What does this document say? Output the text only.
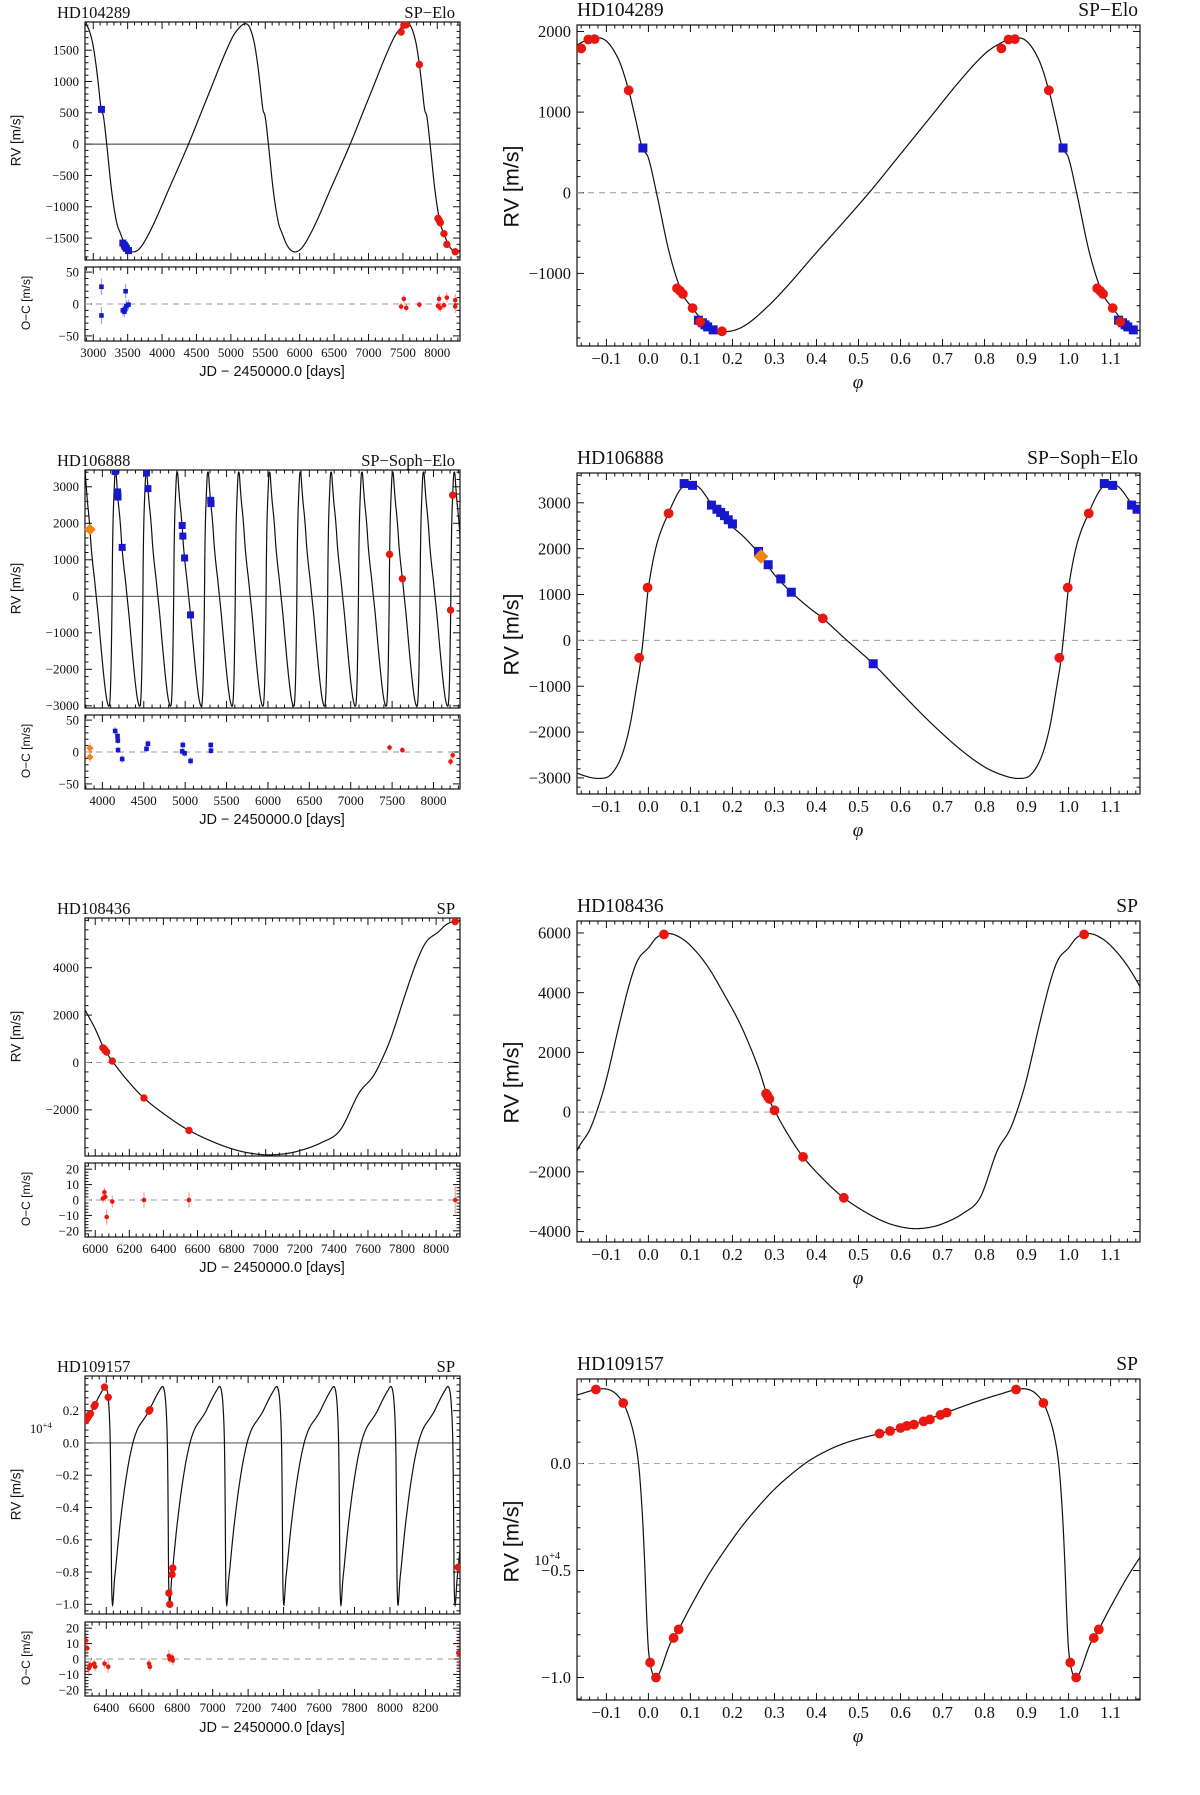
1500
1000
500
0
−500
−1000
−1500
3000 3500 4000 4500 5000 5500 6000 6500 7000 7500 8000
50
0
−50
−0.1 0.0 0.1 0.2 0.3 0.4 0.5 0.6 0.7 0.8 0.9 1.0 1.1
2000
1000
0
−1000
HD104289	SP−Elo
RV [m/s]
O−C [m/s]
JD − 2450000.0 [days]
HD104289	SP−Elo
RV [m/s]
φ
3000
2000
1000
0
−1000
−2000
−3000
4000 4500 5000 5500 6000 6500 7000 7500 8000
50
0
−50
−0.1 0.0 0.1 0.2 0.3 0.4 0.5 0.6 0.7 0.8 0.9 1.0 1.1
3000
2000
1000
0
−1000
−2000
−3000
HD106888	SP−Soph−Elo
RV [m/s]
O−C [m/s]
JD − 2450000.0 [days]
HD106888	SP−Soph−Elo
RV [m/s]
φ
4000
2000
0
−2000
6000 6200 6400 6600 6800 7000 7200 7400 7600 7800 8000
20
10
0
−10
−20
−0.1 0.0 0.1 0.2 0.3 0.4 0.5 0.6 0.7 0.8 0.9 1.0 1.1
6000
4000
2000
0
−2000
−4000
HD108436	SP
RV [m/s]
O−C [m/s]
JD − 2450000.0 [days]
HD108436	SP
RV [m/s]
φ
0.2
0.0
−0.2
−0.4
−0.6
−0.8
−1.0
6400 6600 6800 7000 7200 7400 7600 7800 8000 8200
20
10
0
−10
−20
−0.1 0.0 0.1 0.2 0.3 0.4 0.5 0.6 0.7 0.8 0.9 1.0 1.1
0.0
−0.5
−1.0
HD109157	SP
RV [m/s]
$10^{+4}$
O−C [m/s]
JD − 2450000.0 [days]
HD109157	SP
RV [m/s] $10^{+4}$
φ
